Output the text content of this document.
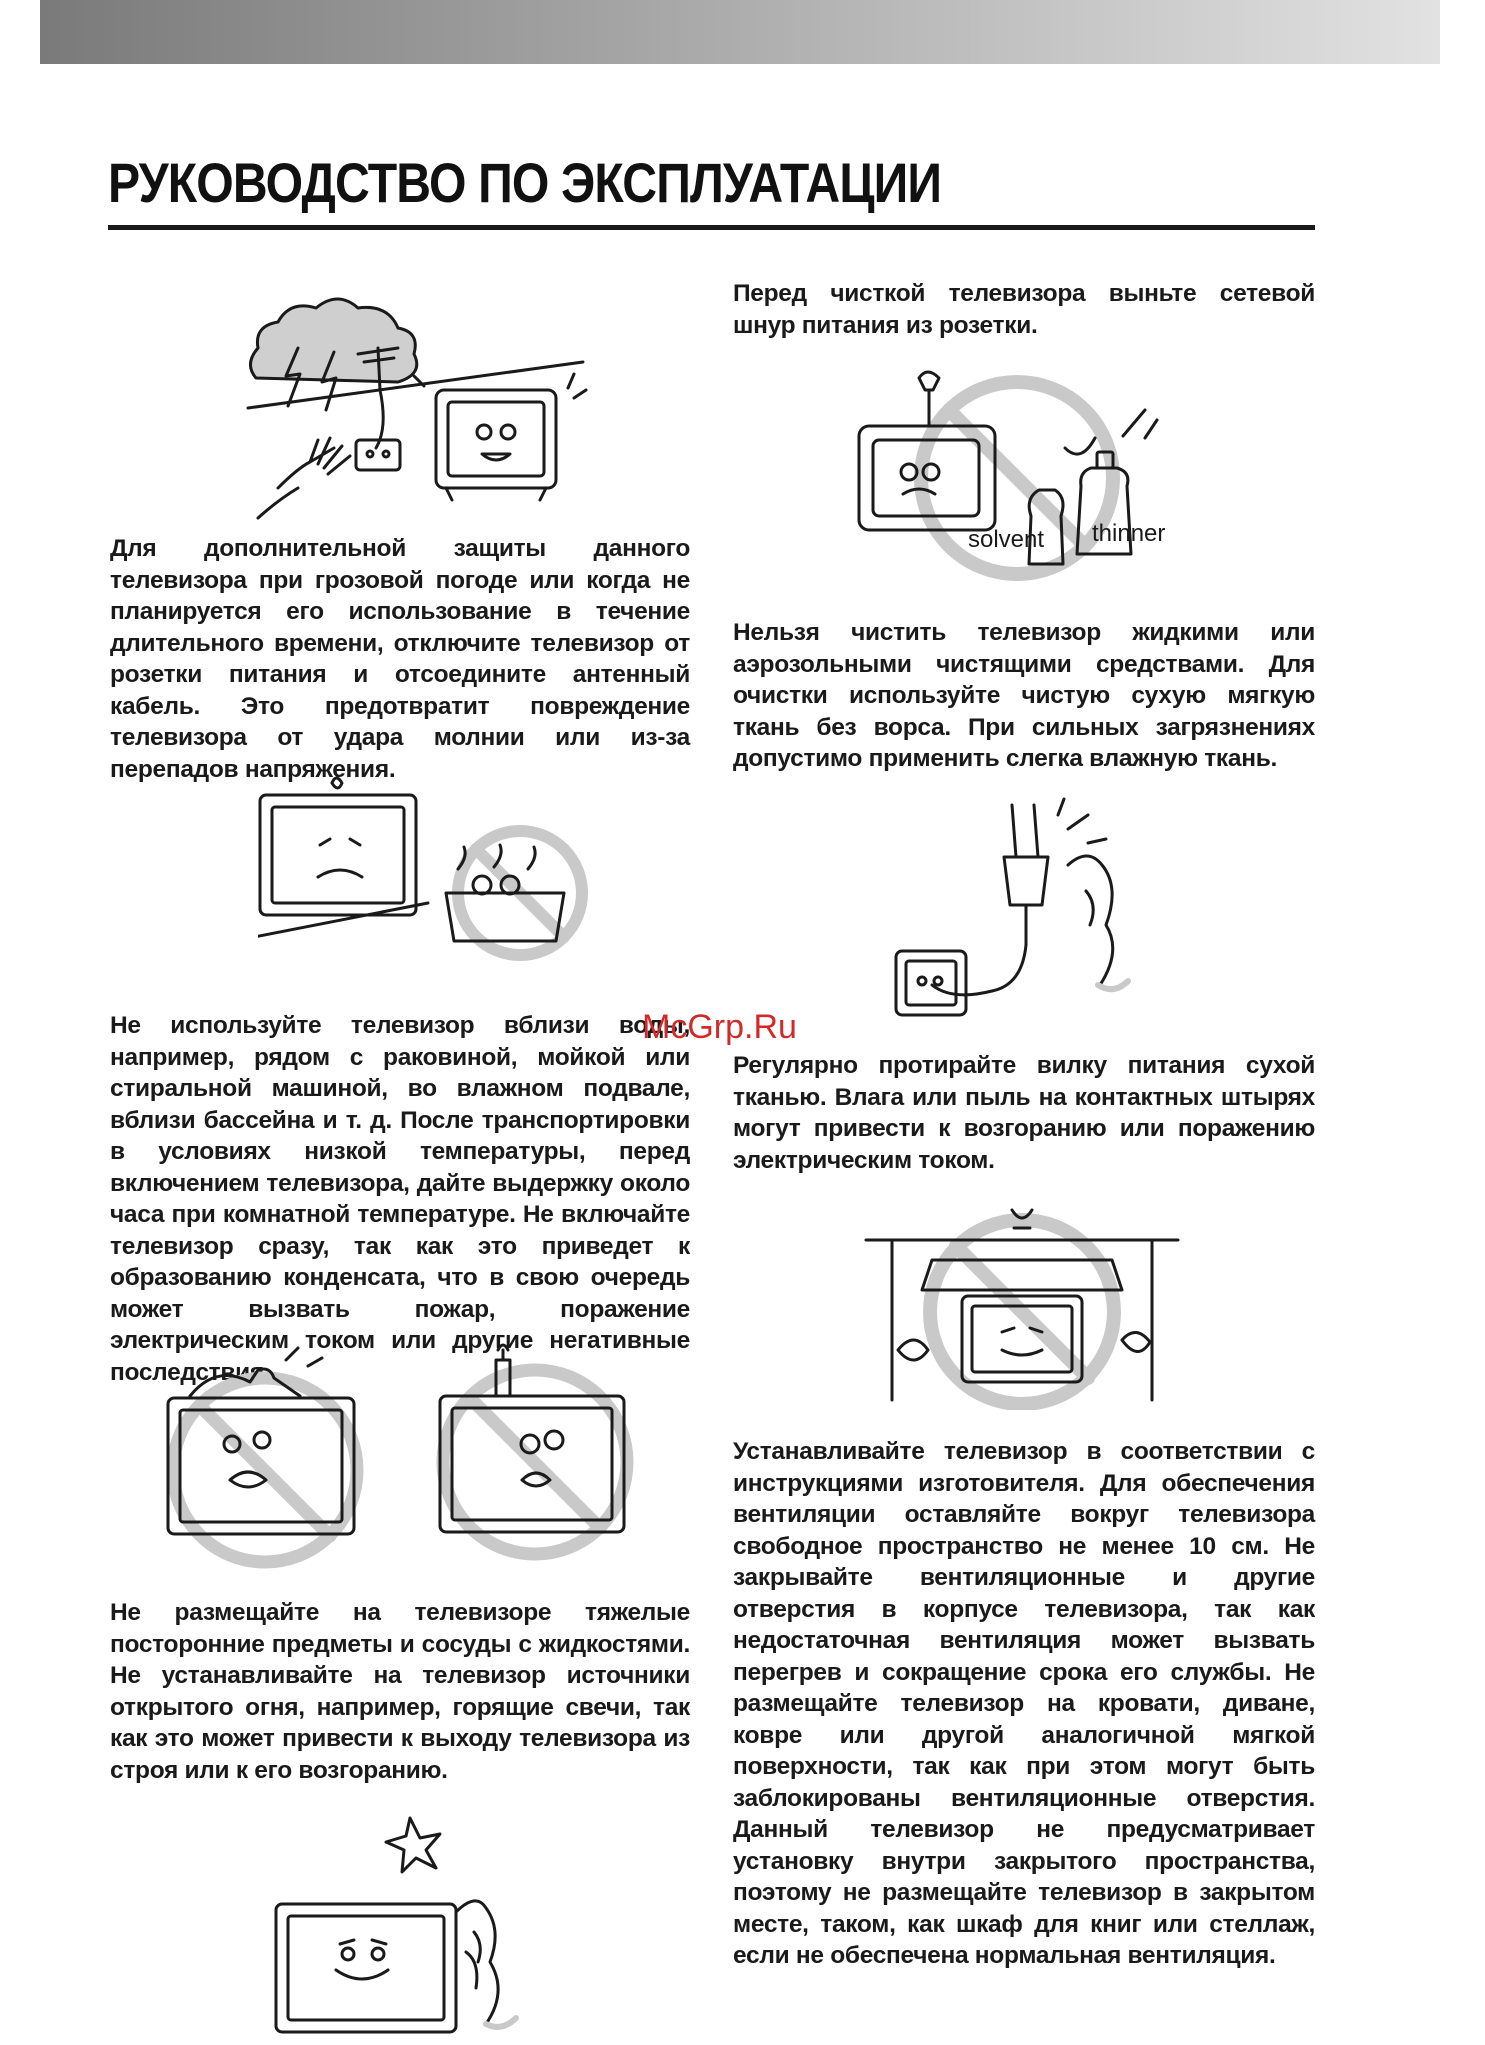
РУКОВОДСТВО ПО ЭКСПЛУАТАЦИИ

Для дополнительной защиты данного телевизора при грозовой погоде или когда не планируется его использование в течение длительного времени, отключите телевизор от розетки питания и отсоедините антенный кабель. Это предотвратит повреждение телевизора от удара молнии или из-за перепадов напряжения.

Не используйте телевизор вблизи воды, например, рядом с раковиной, мойкой или стиральной машиной, во влажном подвале, вблизи бассейна и т. д. После транспортировки в условиях низкой температуры, перед включением телевизора, дайте выдержку около часа при комнатной температуре. Не включайте телевизор сразу, так как это приведет к образованию конденсата, что в свою очередь может вызвать пожар, поражение электрическим током или другие негативные последствия.

Не размещайте на телевизоре тяжелые посторонние предметы и сосуды с жидкостями. Не устанавливайте на телевизор источники открытого огня, например, горящие свечи, так как это может привести к выходу телевизора из строя или к его возгоранию.

Перед чисткой телевизора выньте сетевой шнур питания из розетки.

solvent	thinner

Нельзя чистить телевизор жидкими или аэрозольными чистящими средствами. Для очистки используйте чистую сухую мягкую ткань без ворса. При сильных загрязнениях допустимо применить слегка влажную ткань.

McGrp.Ru

Регулярно протирайте вилку питания сухой тканью. Влага или пыль на контактных штырях могут привести к возгоранию или поражению электрическим током.

Устанавливайте телевизор в соответствии с инструкциями изготовителя. Для обеспечения вентиляции оставляйте вокруг телевизора свободное пространство не менее 10 см. Не закрывайте вентиляционные и другие отверстия в корпусе телевизора, так как недостаточная вентиляция может вызвать перегрев и сокращение срока его службы. Не размещайте телевизор на кровати, диване, ковре или другой аналогичной мягкой поверхности, так как при этом могут быть заблокированы вентиляционные отверстия. Данный телевизор не предусматривает установку внутри закрытого пространства, поэтому не размещайте телевизор в закрытом месте, таком, как шкаф для книг или стеллаж, если не обеспечена нормальная вентиляция.
